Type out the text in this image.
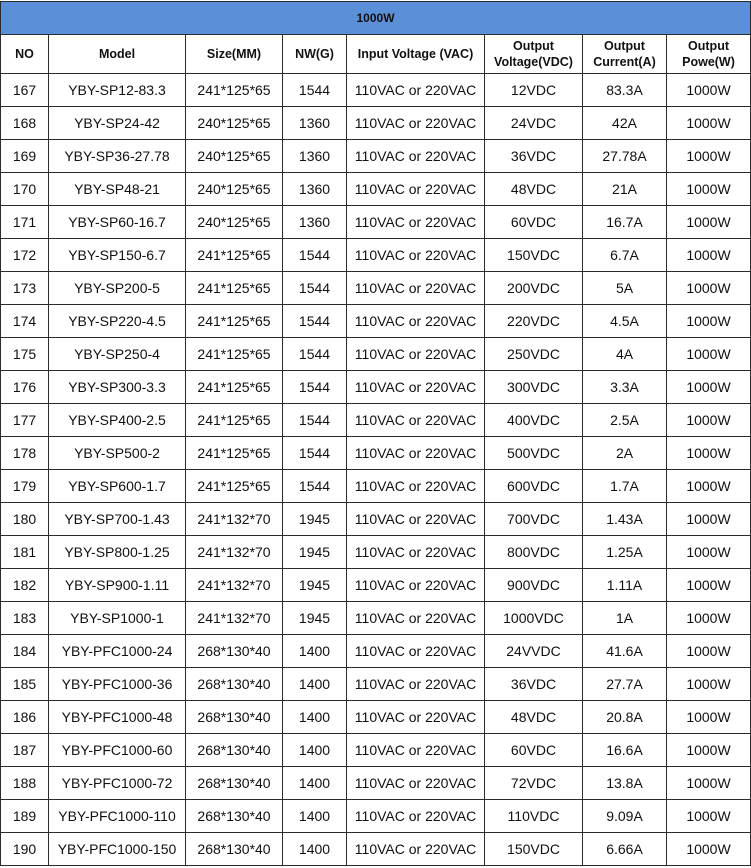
1000W							
NO	Model	Size(MM)	NW(G)	Input Voltage (VAC)	Output Voltage(VDC)	Output Current(A)	Output Powe(W)
167	YBY-SP12-83.3	241*125*65	1544	110VAC or 220VAC	12VDC	83.3A	1000W
168	YBY-SP24-42	240*125*65	1360	110VAC or 220VAC	24VDC	42A	1000W
169	YBY-SP36-27.78	240*125*65	1360	110VAC or 220VAC	36VDC	27.78A	1000W
170	YBY-SP48-21	240*125*65	1360	110VAC or 220VAC	48VDC	21A	1000W
171	YBY-SP60-16.7	240*125*65	1360	110VAC or 220VAC	60VDC	16.7A	1000W
172	YBY-SP150-6.7	241*125*65	1544	110VAC or 220VAC	150VDC	6.7A	1000W
173	YBY-SP200-5	241*125*65	1544	110VAC or 220VAC	200VDC	5A	1000W
174	YBY-SP220-4.5	241*125*65	1544	110VAC or 220VAC	220VDC	4.5A	1000W
175	YBY-SP250-4	241*125*65	1544	110VAC or 220VAC	250VDC	4A	1000W
176	YBY-SP300-3.3	241*125*65	1544	110VAC or 220VAC	300VDC	3.3A	1000W
177	YBY-SP400-2.5	241*125*65	1544	110VAC or 220VAC	400VDC	2.5A	1000W
178	YBY-SP500-2	241*125*65	1544	110VAC or 220VAC	500VDC	2A	1000W
179	YBY-SP600-1.7	241*125*65	1544	110VAC or 220VAC	600VDC	1.7A	1000W
180	YBY-SP700-1.43	241*132*70	1945	110VAC or 220VAC	700VDC	1.43A	1000W
181	YBY-SP800-1.25	241*132*70	1945	110VAC or 220VAC	800VDC	1.25A	1000W
182	YBY-SP900-1.11	241*132*70	1945	110VAC or 220VAC	900VDC	1.11A	1000W
183	YBY-SP1000-1	241*132*70	1945	110VAC or 220VAC	1000VDC	1A	1000W
184	YBY-PFC1000-24	268*130*40	1400	110VAC or 220VAC	24VVDC	41.6A	1000W
185	YBY-PFC1000-36	268*130*40	1400	110VAC or 220VAC	36VDC	27.7A	1000W
186	YBY-PFC1000-48	268*130*40	1400	110VAC or 220VAC	48VDC	20.8A	1000W
187	YBY-PFC1000-60	268*130*40	1400	110VAC or 220VAC	60VDC	16.6A	1000W
188	YBY-PFC1000-72	268*130*40	1400	110VAC or 220VAC	72VDC	13.8A	1000W
189	YBY-PFC1000-110	268*130*40	1400	110VAC or 220VAC	110VDC	9.09A	1000W
190	YBY-PFC1000-150	268*130*40	1400	110VAC or 220VAC	150VDC	6.66A	1000W
